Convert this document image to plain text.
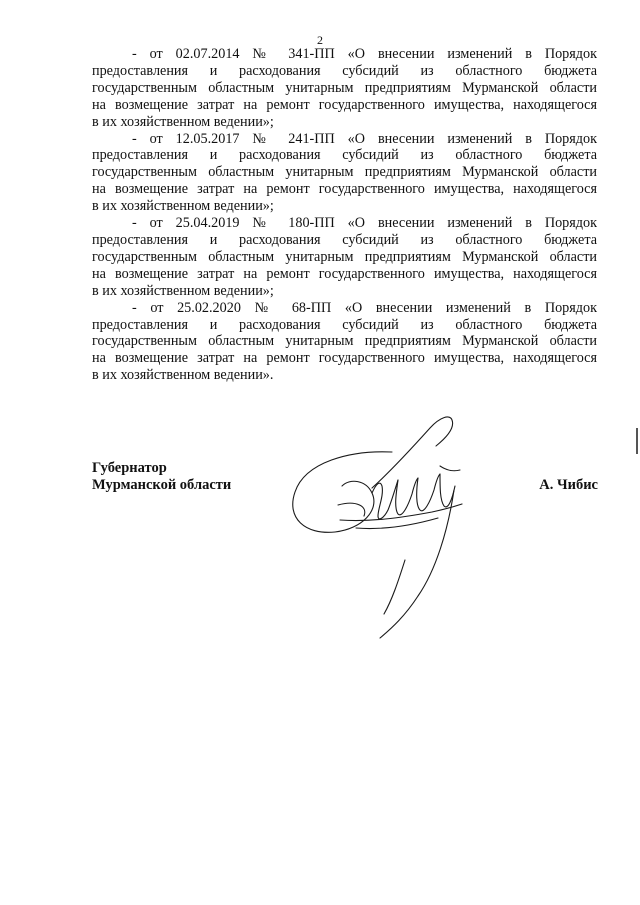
2

- от 02.07.2014 № 341-ПП «О внесении изменений в Порядок

предоставления и расходования субсидий из областного бюджета

государственным областным унитарным предприятиям Мурманской области

на возмещение затрат на ремонт государственного имущества, находящегося

в их хозяйственном ведении»;

- от 12.05.2017 № 241-ПП «О внесении изменений в Порядок

предоставления и расходования субсидий из областного бюджета

государственным областным унитарным предприятиям Мурманской области

на возмещение затрат на ремонт государственного имущества, находящегося

в их хозяйственном ведении»;

- от 25.04.2019 № 180-ПП «О внесении изменений в Порядок

предоставления и расходования субсидий из областного бюджета

государственным областным унитарным предприятиям Мурманской области

на возмещение затрат на ремонт государственного имущества, находящегося

в их хозяйственном ведении»;

- от 25.02.2020 № 68-ПП «О внесении изменений в Порядок

предоставления и расходования субсидий из областного бюджета

государственным областным унитарным предприятиям Мурманской области

на возмещение затрат на ремонт государственного имущества, находящегося

в их хозяйственном ведении».

Губернатор
Мурманской области	А. Чибис
